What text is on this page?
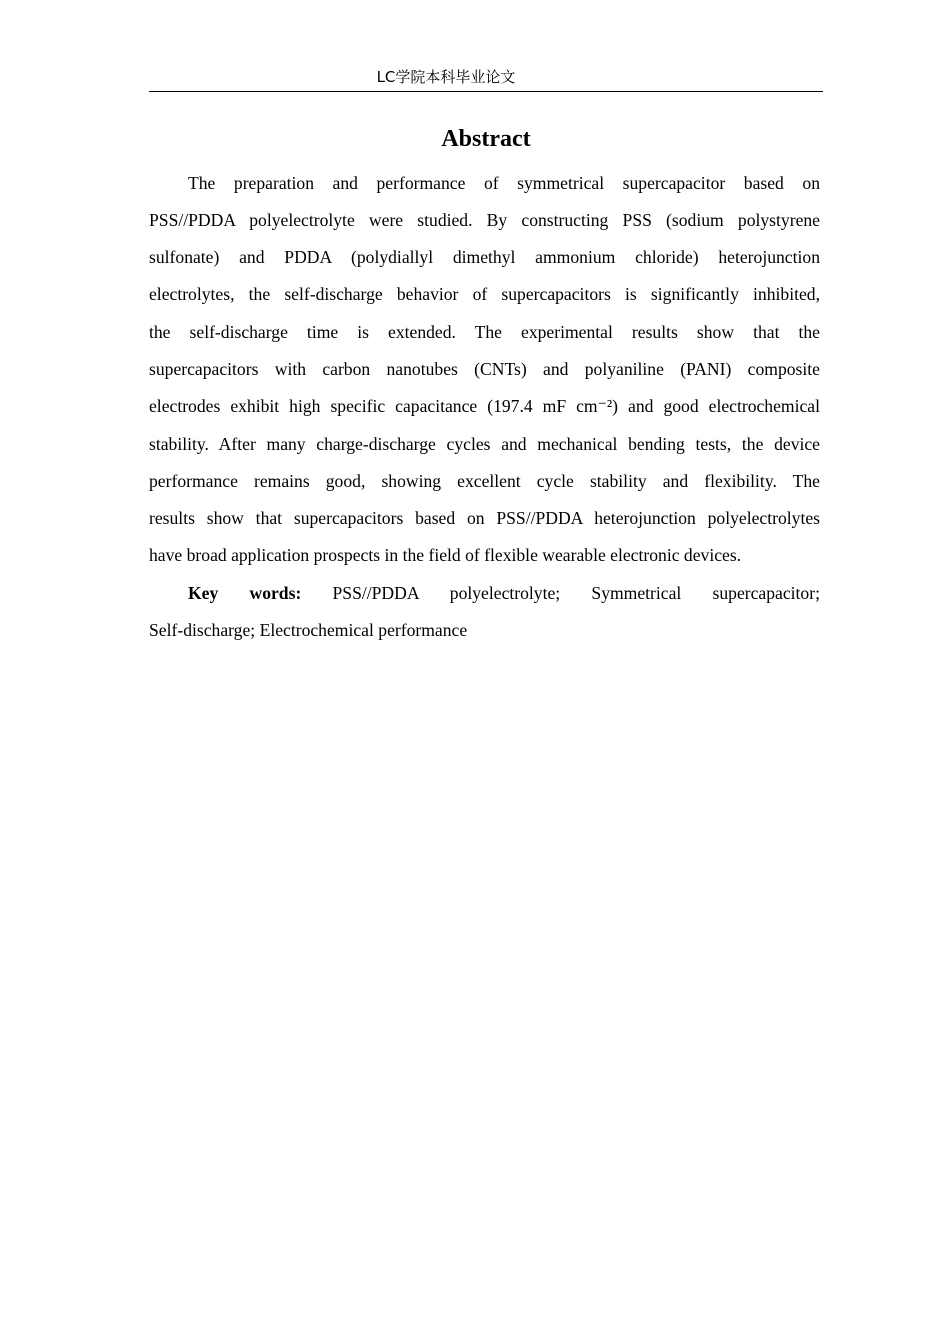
LC学院本科毕业论文
Abstract
The preparation and performance of symmetrical supercapacitor based on
PSS//PDDA polyelectrolyte were studied. By constructing PSS (sodium polystyrene
sulfonate) and PDDA (polydiallyl dimethyl ammonium chloride) heterojunction
electrolytes, the self-discharge behavior of supercapacitors is significantly inhibited,
the self-discharge time is extended. The experimental results show that the
supercapacitors with carbon nanotubes (CNTs) and polyaniline (PANI) composite
electrodes exhibit high specific capacitance (197.4 mF cm⁻²) and good electrochemical
stability. After many charge-discharge cycles and mechanical bending tests, the device
performance remains good, showing excellent cycle stability and flexibility. The
results show that supercapacitors based on PSS//PDDA heterojunction polyelectrolytes
have broad application prospects in the field of flexible wearable electronic devices.
Key words: PSS//PDDA polyelectrolyte; Symmetrical supercapacitor;
Self-discharge; Electrochemical performance
